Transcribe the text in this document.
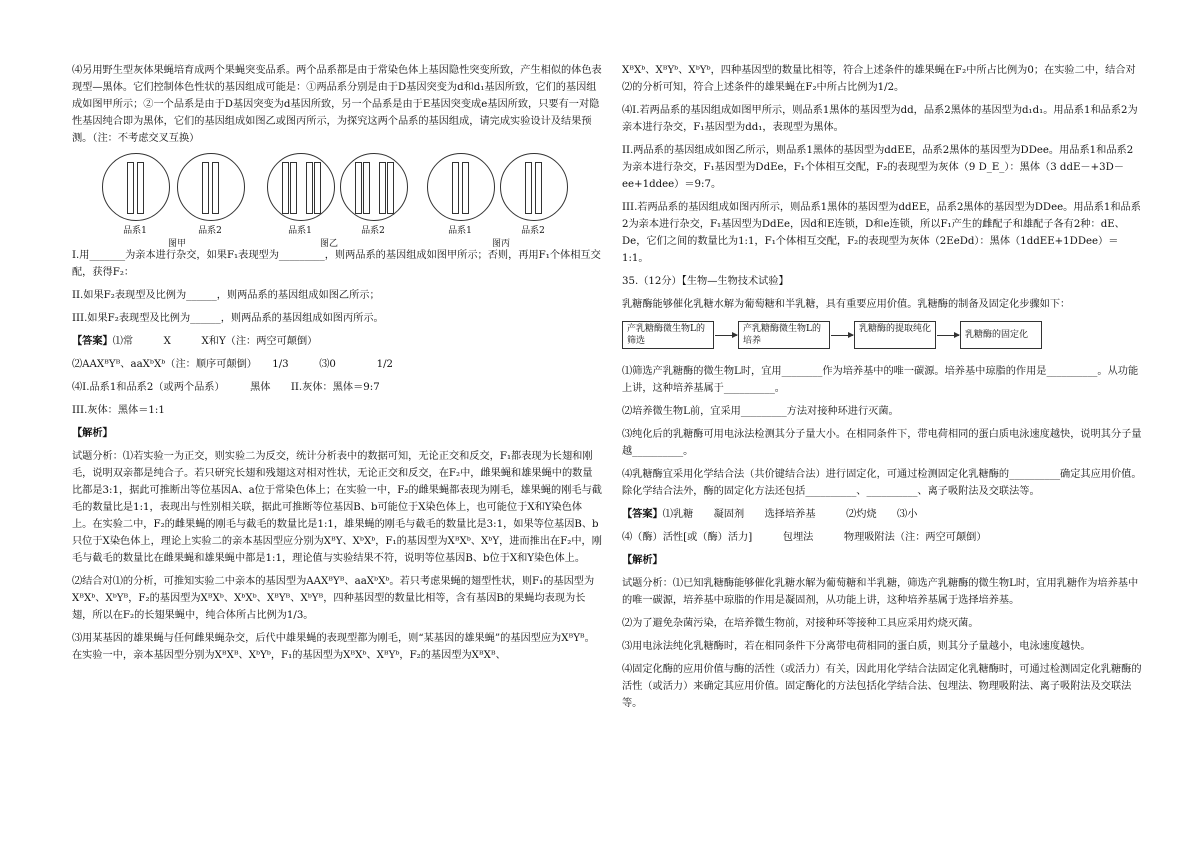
⑷另用野生型灰体果蝇培育成两个果蝇突变品系。两个品系都是由于常染色体上基因隐性突变所致，产生相似的体色表现型—黑体。它们控制体色性状的基因组成可能是：①两品系分别是由于D基因突变为d和d₁基因所致，它们的基因组成如图甲所示；②一个品系是由于D基因突变为d基因所致，另一个品系是由于E基因突变成e基因所致，只要有一对隐性基因纯合即为黑体，它们的基因组成如图乙或图丙所示，为探究这两个品系的基因组成，请完成实验设计及结果预测。（注：不考虑交叉互换）

品系1	品系2	品系1	品系2	品系1	品系2
图甲	图乙	图丙

I.用_______为亲本进行杂交，如果F₁表现型为_________，则两品系的基因组成如图甲所示；否则，再用F₁个体相互交配，获得F₂：

II.如果F₂表现型及比例为______，则两品系的基因组成如图乙所示；

III.如果F₂表现型及比例为______，则两品系的基因组成如图丙所示。

【答案】⑴常　　　X　　　X和Y（注：两空可颠倒）

⑵AAXᴮYᴮ、aaXᵇXᵇ（注：顺序可颠倒）　　1/3　　　⑶0　　　　1/2

⑷I.品系1和品系2（或两个品系）　　　黑体　　II.灰体：黑体＝9:7

III.灰体：黑体＝1:1

【解析】

试题分析：⑴若实验一为正交，则实验二为反交，统计分析表中的数据可知，无论正交和反交，F₁都表现为长翅和刚毛，说明双亲都是纯合子。若只研究长翅和残翅这对相对性状，无论正交和反交，在F₂中，雌果蝇和雄果蝇中的数量比都是3:1，据此可推断出等位基因A、a位于常染色体上；在实验一中，F₂的雌果蝇都表现为刚毛，雄果蝇的刚毛与截毛的数量比是1:1，表现出与性别相关联，据此可推断等位基因B、b可能位于X染色体上，也可能位于X和Y染色体上。在实验二中，F₂的雌果蝇的刚毛与截毛的数量比是1:1，雄果蝇的刚毛与截毛的数量比是3:1，如果等位基因B、b只位于X染色体上，理论上实验二的亲本基因型应分别为XᴮY、XᵇXᵇ，F₁的基因型为XᴮXᵇ、XᵇY，进而推出在F₂中，刚毛与截毛的数量比在雌果蝇和雄果蝇中都是1:1，理论值与实验结果不符，说明等位基因B、b位于X和Y染色体上。

⑵结合对⑴的分析，可推知实验二中亲本的基因型为AAXᴮYᴮ、aaXᵇXᵇ。若只考虑果蝇的翅型性状，则F₁的基因型为XᴮXᵇ、XᵇYᴮ，F₂的基因型为XᴮXᵇ、XᵇXᵇ、XᴮYᴮ、XᵇYᴮ，四种基因型的数量比相等，含有基因B的果蝇均表现为长翅，所以在F₂的长翅果蝇中，纯合体所占比例为1/3。

⑶用某基因的雄果蝇与任何雌果蝇杂交，后代中雄果蝇的表现型都为刚毛，则“某基因的雄果蝇”的基因型应为XᴮYᴮ。在实验一中，亲本基因型分别为XᴮXᴮ、XᵇYᵇ，F₁的基因型为XᴮXᵇ、XᴮYᵇ，F₂的基因型为XᴮXᴮ、

XᴮXᵇ、XᴮYᵇ、XᵇYᵇ，四种基因型的数量比相等，符合上述条件的雄果蝇在F₂中所占比例为0；在实验二中，结合对⑵的分析可知，符合上述条件的雄果蝇在F₂中所占比例为1/2。

⑷I.若两品系的基因组成如图甲所示，则品系1黑体的基因型为dd，品系2黑体的基因型为d₁d₁。用品系1和品系2为亲本进行杂交，F₁基因型为dd₁，表现型为黑体。

II.两品系的基因组成如图乙所示，则品系1黑体的基因型为ddEE，品系2黑体的基因型为DDee。用品系1和品系2为亲本进行杂交，F₁基因型为DdEe，F₁个体相互交配，F₂的表现型为灰体（9 D_E_）：黑体（3 ddE－+3D－ee+1ddee）＝9:7。

III.若两品系的基因组成如图丙所示，则品系1黑体的基因型为ddEE，品系2黑体的基因型为DDee。用品系1和品系2为亲本进行杂交，F₁基因型为DdEe，因d和E连锁，D和e连锁，所以F₁产生的雌配子和雄配子各有2种：dE、De，它们之间的数量比为1:1，F₁个体相互交配，F₂的表现型为灰体（2EeDd）：黑体（1ddEE+1DDee）＝1:1。

35.（12分）【生物—生物技术试验】

乳糖酶能够催化乳糖水解为葡萄糖和半乳糖，具有重要应用价值。乳糖酶的制备及固定化步骤如下：

产乳糖酶微生物L的筛选
产乳糖酶微生物L的培养
乳糖酶的提取纯化
乳糖酶的固定化

⑴筛选产乳糖酶的微生物L时，宜用________作为培养基中的唯一碳源。培养基中琼脂的作用是__________。从功能上讲，这种培养基属于__________。

⑵培养微生物L前，宜采用_________方法对接种环进行灭菌。

⑶纯化后的乳糖酶可用电泳法检测其分子量大小。在相同条件下，带电荷相同的蛋白质电泳速度越快，说明其分子量越__________。

⑷乳糖酶宜采用化学结合法（共价键结合法）进行固定化，可通过检测固定化乳糖酶的__________确定其应用价值。除化学结合法外，酶的固定化方法还包括__________、__________、离子吸附法及交联法等。

【答案】⑴乳糖　　凝固剂　　选择培养基　　　⑵灼烧　　⑶小

⑷（酶）活性[或（酶）活力]　　　包埋法　　　物理吸附法（注：两空可颠倒）

【解析】

试题分析：⑴已知乳糖酶能够催化乳糖水解为葡萄糖和半乳糖，筛选产乳糖酶的微生物L时，宜用乳糖作为培养基中的唯一碳源，培养基中琼脂的作用是凝固剂，从功能上讲，这种培养基属于选择培养基。

⑵为了避免杂菌污染，在培养微生物前，对接种环等接种工具应采用灼烧灭菌。

⑶用电泳法纯化乳糖酶时，若在相同条件下分离带电荷相同的蛋白质，则其分子量越小，电泳速度越快。

⑷固定化酶的应用价值与酶的活性（或活力）有关，因此用化学结合法固定化乳糖酶时，可通过检测固定化乳糖酶的活性（或活力）来确定其应用价值。固定酶化的方法包括化学结合法、包埋法、物理吸附法、离子吸附法及交联法等。
